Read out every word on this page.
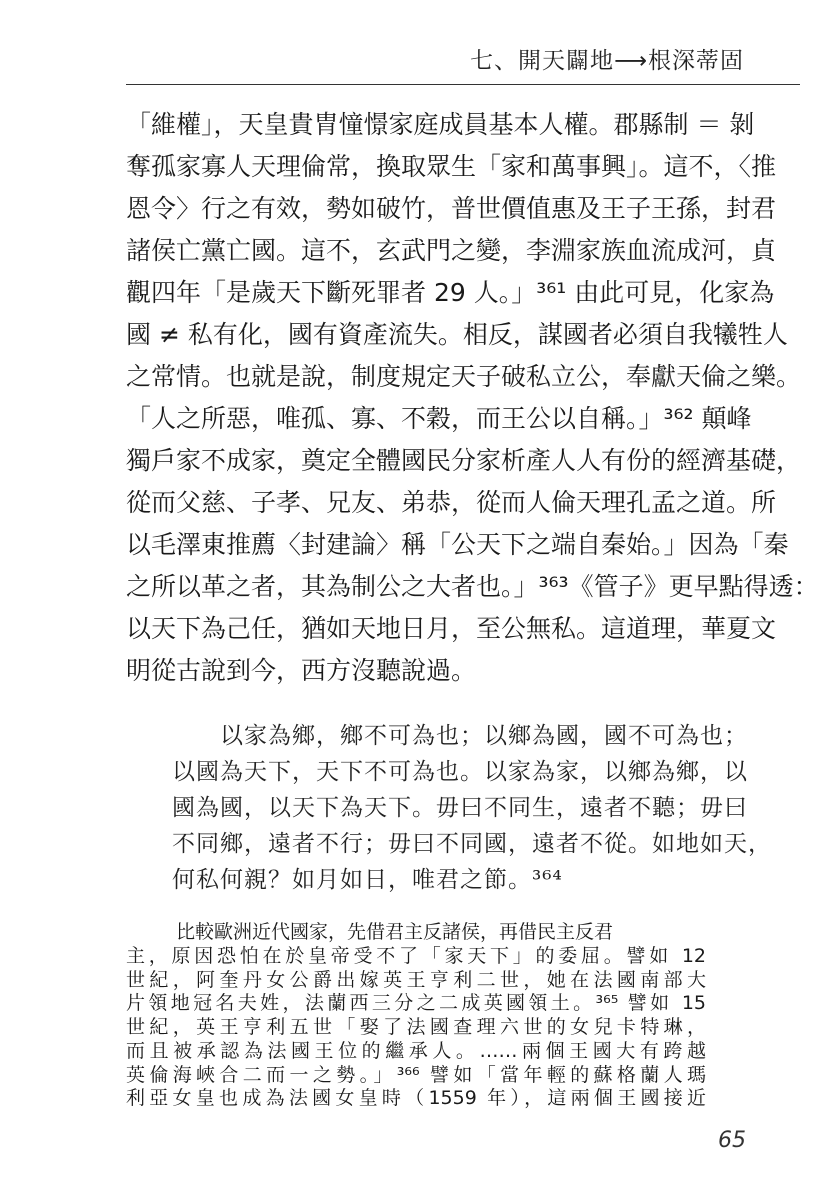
七、開天闢地⟶根深蒂固
「維權」，天皇貴胄憧憬家庭成員基本人權。郡縣制 ＝ 剝
奪孤家寡人天理倫常，換取眾生「家和萬事興」。這不，〈推
恩令〉行之有效，勢如破竹，普世價值惠及王子王孫，封君
諸侯亡黨亡國。這不，玄武門之變，李淵家族血流成河，貞
觀四年「是歲天下斷死罪者 29 人。」³⁶¹ 由此可見，化家為
國 ≠ 私有化，國有資產流失。相反，謀國者必須自我犧牲人
之常情。也就是說，制度規定天子破私立公，奉獻天倫之樂。
「人之所惡，唯孤、寡、不穀，而王公以自稱。」³⁶² 顛峰
獨戶家不成家，奠定全體國民分家析產人人有份的經濟基礎，
從而父慈、子孝、兄友、弟恭，從而人倫天理孔孟之道。所
以毛澤東推薦〈封建論〉稱「公天下之端自秦始。」因為「秦
之所以革之者，其為制公之大者也。」³⁶³《管子》更早點得透：
以天下為己任，猶如天地日月，至公無私。這道理，華夏文
明從古說到今，西方沒聽說過。
以家為鄉，鄉不可為也；以鄉為國，國不可為也；
以國為天下，天下不可為也。以家為家，以鄉為鄉，以
國為國，以天下為天下。毋曰不同生，遠者不聽；毋曰
不同鄉，遠者不行；毋曰不同國，遠者不從。如地如天，
何私何親？如月如日，唯君之節。³⁶⁴
比較歐洲近代國家，先借君主反諸侯，再借民主反君
主，原因恐怕在於皇帝受不了「家天下」的委屈。譬如 12
世紀，阿奎丹女公爵出嫁英王亨利二世，她在法國南部大
片領地冠名夫姓，法蘭西三分之二成英國領土。³⁶⁵ 譬如 15
世紀，英王亨利五世「娶了法國查理六世的女兒卡特琳，
而且被承認為法國王位的繼承人。……兩個王國大有跨越
英倫海峽合二而一之勢。」³⁶⁶ 譬如「當年輕的蘇格蘭人瑪
利亞女皇也成為法國女皇時（1559 年），這兩個王國接近
65
